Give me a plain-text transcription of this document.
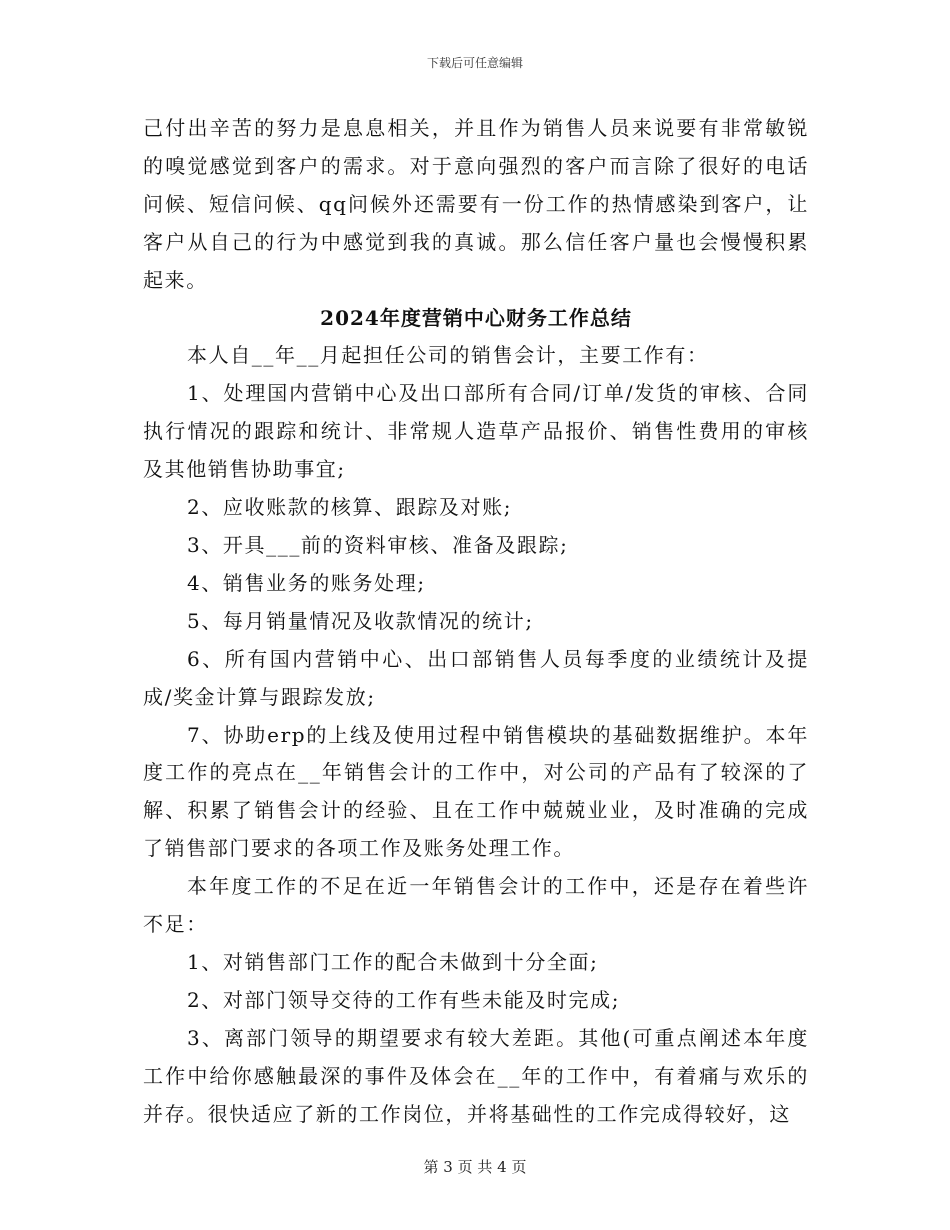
下载后可任意编辑

己付出辛苦的努力是息息相关，并且作为销售人员来说要有非常敏锐的嗅觉感觉到客户的需求。对于意向强烈的客户而言除了很好的电话问候、短信问候、qq问候外还需要有一份工作的热情感染到客户，让客户从自己的行为中感觉到我的真诚。那么信任客户量也会慢慢积累起来。

2024年度营销中心财务工作总结

本人自__年__月起担任公司的销售会计，主要工作有：

1、处理国内营销中心及出口部所有合同/订单/发货的审核、合同执行情况的跟踪和统计、非常规人造草产品报价、销售性费用的审核及其他销售协助事宜;

2、应收账款的核算、跟踪及对账;

3、开具___前的资料审核、准备及跟踪;

4、销售业务的账务处理;

5、每月销量情况及收款情况的统计;

6、所有国内营销中心、出口部销售人员每季度的业绩统计及提成/奖金计算与跟踪发放;

7、协助erp的上线及使用过程中销售模块的基础数据维护。本年度工作的亮点在__年销售会计的工作中，对公司的产品有了较深的了解、积累了销售会计的经验、且在工作中兢兢业业，及时准确的完成了销售部门要求的各项工作及账务处理工作。

本年度工作的不足在近一年销售会计的工作中，还是存在着些许不足：

1、对销售部门工作的配合未做到十分全面;

2、对部门领导交待的工作有些未能及时完成;

3、离部门领导的期望要求有较大差距。其他(可重点阐述本年度工作中给你感触最深的事件及体会在__年的工作中，有着痛与欢乐的并存。很快适应了新的工作岗位，并将基础性的工作完成得较好，这

第 3 页 共 4 页
